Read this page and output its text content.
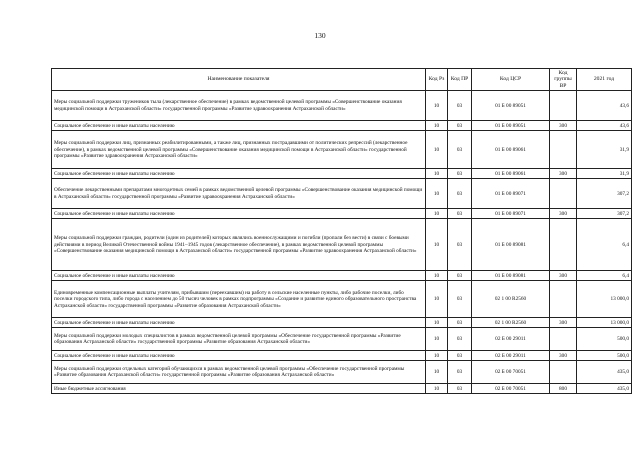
130
Наименование показателя	Код Рз	Код ПР	Код ЦСР	Код группы ВР	2021 год
Меры социальной поддержки тружеников тыла (лекарственное обеспечение) в рамках ведомственной целевой программы «Совершенствование оказания медицинской помощи в Астраханской области» государственной программы «Развитие здравоохранения Астраханской области»	10	03	01 Б 00 89051		43,6
Социальное обеспечение и иные выплаты населению	10	03	01 Б 00 89051	300	43,6
Меры социальной поддержки лиц, признанных реабилитированными, а также лиц, признанных пострадавшими от политических репрессий (лекарственное обеспечение), в рамках ведомственной целевой программы «Совершенствование оказания медицинской помощи в Астраханской области» государственной программы «Развитие здравоохранения Астраханской области»	10	03	01 Б 00 89061		31,9
Социальное обеспечение и иные выплаты населению	10	03	01 Б 00 89061	300	31,9
Обеспечение лекарственными препаратами многодетных семей в рамках ведомственной целевой программы «Совершенствование оказания медицинской помощи в Астраханской области» государственной программы «Развитие здравоохранения Астраханской области»	10	03	01 Б 00 89071		307,2
Социальное обеспечение и иные выплаты населению	10	03	01 Б 00 89071	300	307,2
Меры социальной поддержки граждан, родители (один из родителей) которых являлись военнослужащими и погибли (пропали без вести) в связи с боевыми действиями в период Великой Отечественной войны 1941–1945 годов (лекарственное обеспечение), в рамках ведомственной целевой программы «Совершенствование оказания медицинской помощи в Астраханской области» государственной программы «Развитие здравоохранения Астраханской области»	10	03	01 Б 00 89081		6,4
Социальное обеспечение и иные выплаты населению	10	03	01 Б 00 89081	300	6,4
Единовременные компенсационные выплаты учителям, прибывшим (переехавшим) на работу в сельские населенные пункты, либо рабочие поселки, либо поселки городского типа, либо города с населением до 50 тысяч человек в рамках подпрограммы «Создание и развитие единого образовательного пространства Астраханской области» государственной программы «Развитие образования Астраханской области»	10	03	02 1 00 R2560		13 000,0
Социальное обеспечение и иные выплаты населению	10	03	02 1 00 R2560	300	13 000,0
Меры социальной поддержки молодых специалистов в рамках ведомственной целевой программы «Обеспечение государственной программы «Развитие образования Астраханской области» государственной программы «Развитие образования Астраханской области»	10	03	02 Б 00 29011		500,0
Социальное обеспечение и иные выплаты населению	10	03	02 Б 00 29011	300	500,0
Меры социальной поддержки отдельных категорий обучающихся в рамках ведомственной целевой программы «Обеспечение государственной программы «Развитие образования Астраханской области» государственной программы «Развитие образования Астраханской области»	10	03	02 Б 00 70051		435,0
Иные бюджетные ассигнования	10	03	02 Б 00 70051	800	435,0
